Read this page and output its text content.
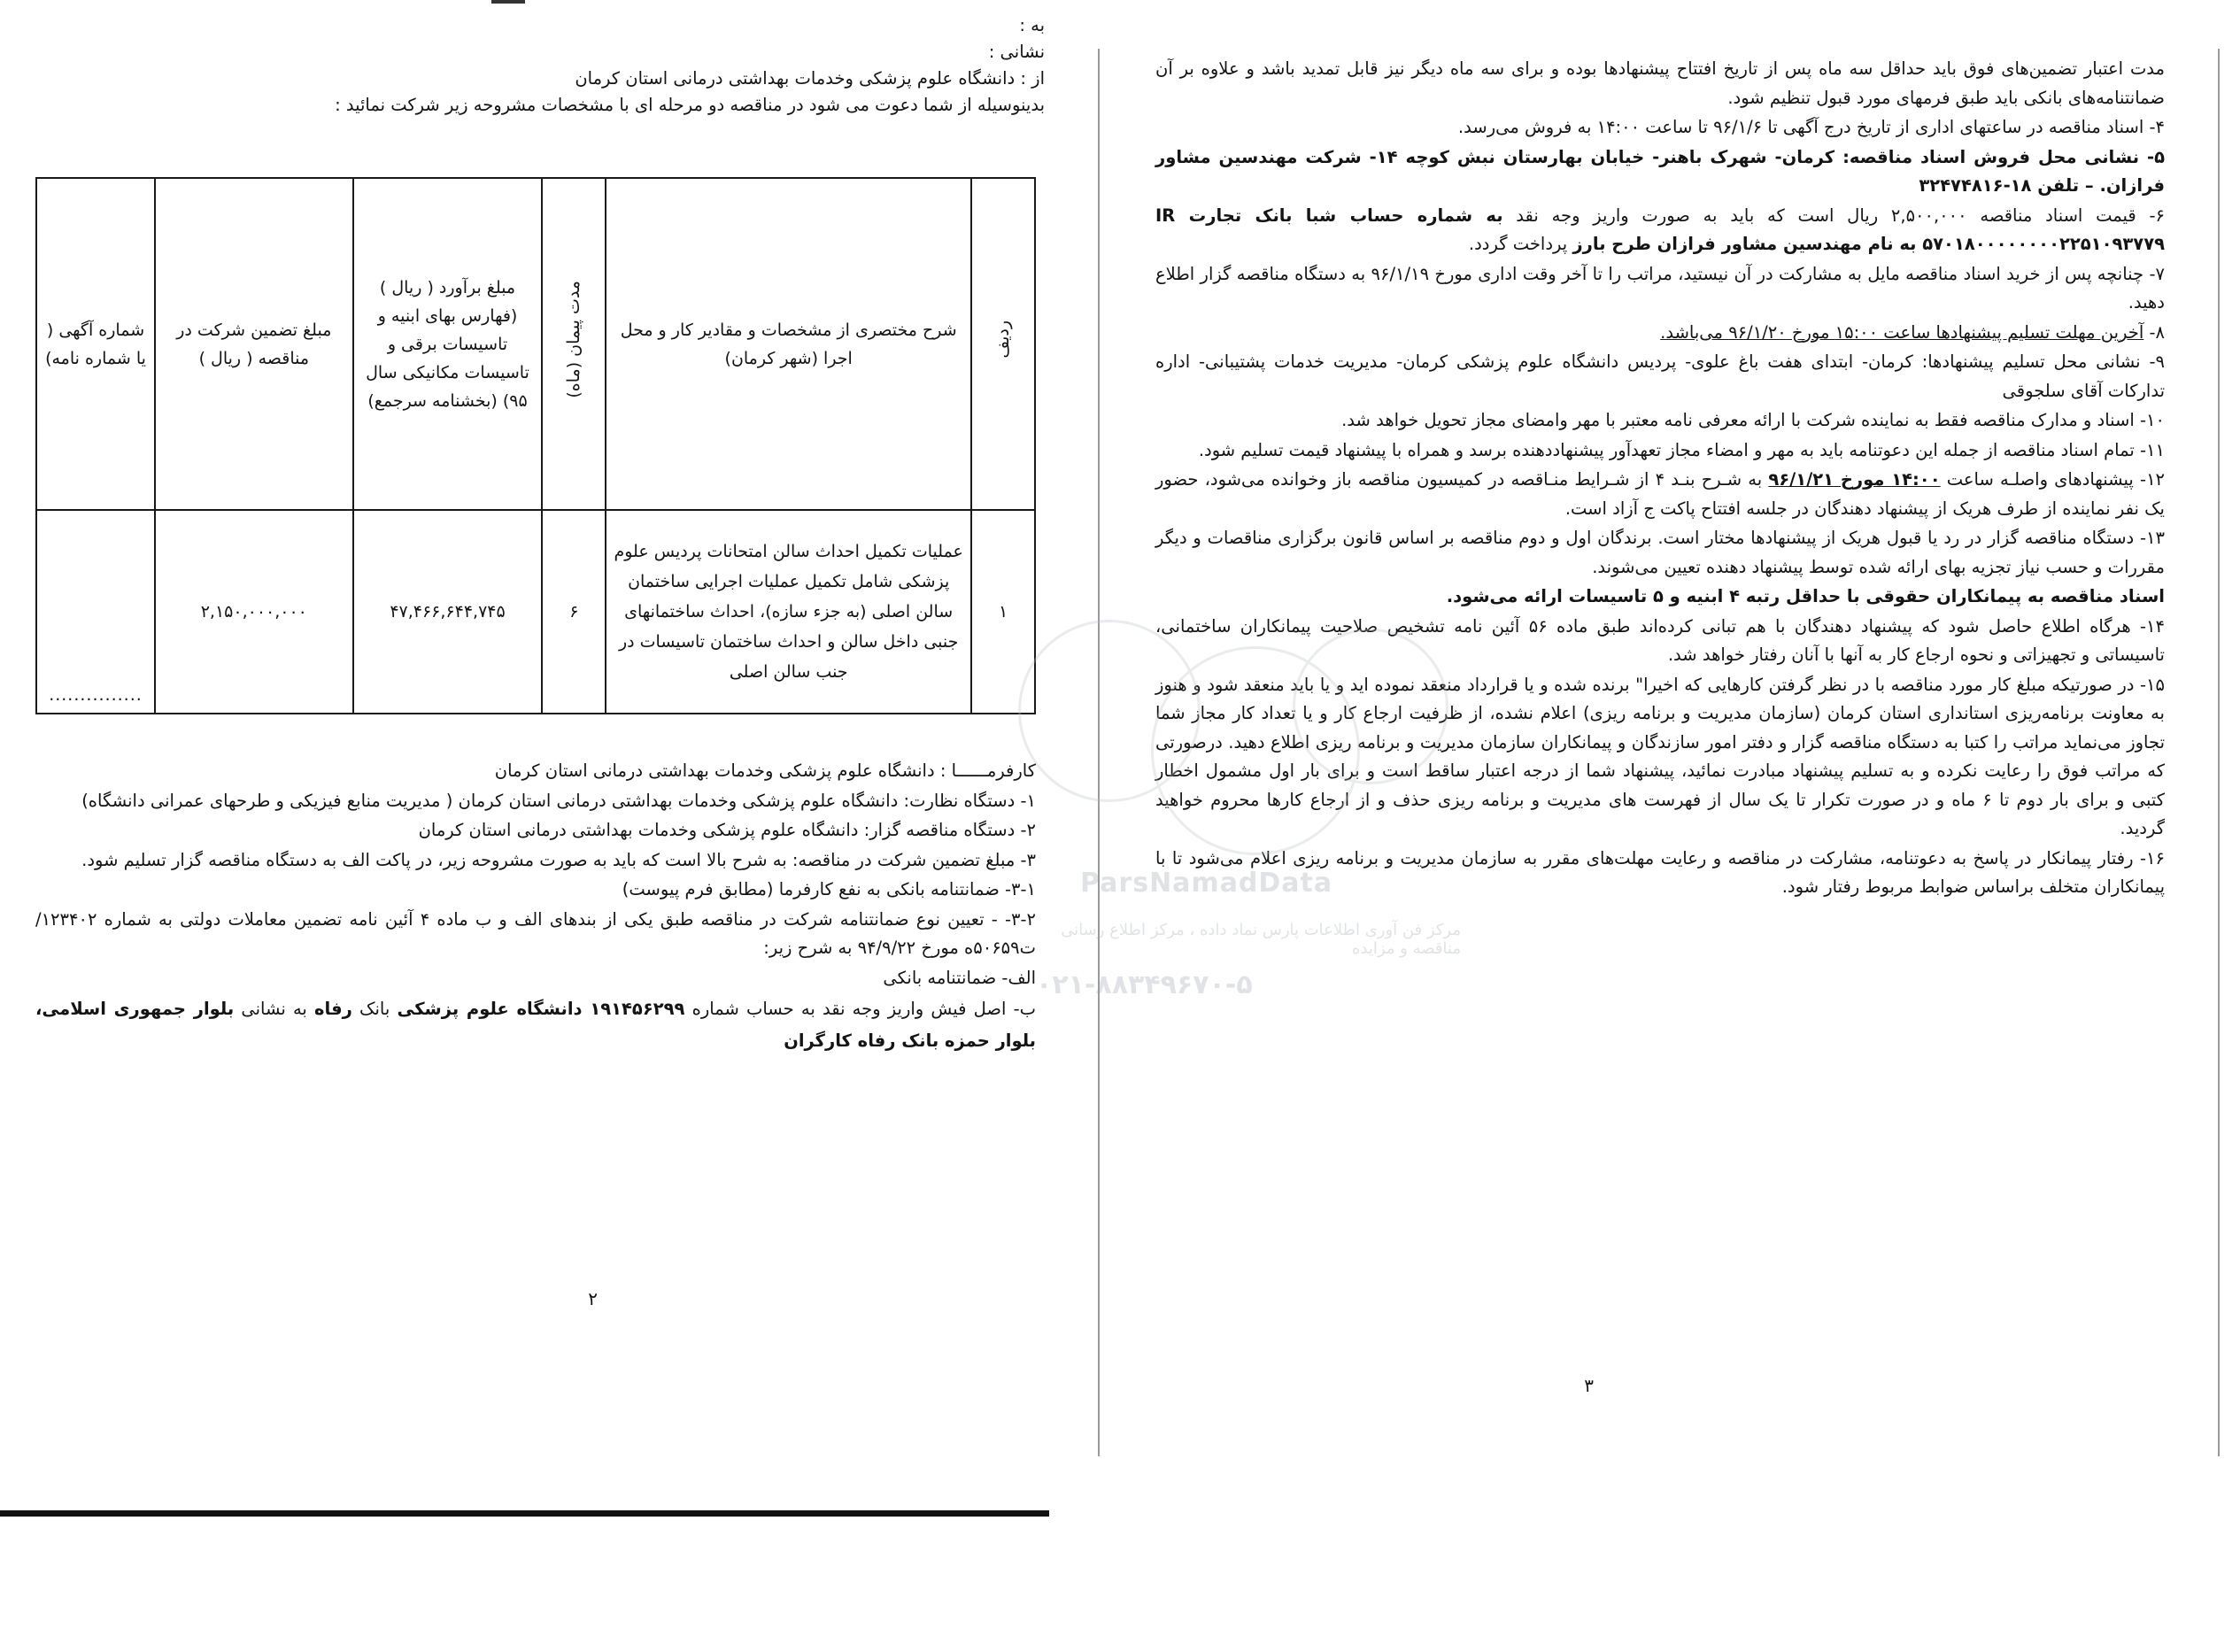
به :

نشانی :

از : دانشگاه علوم پزشکی وخدمات بهداشتی درمانی استان کرمان

بدینوسیله از شما دعوت می شود در مناقصه دو مرحله ای با مشخصات مشروحه زیر شرکت نمائید :

ردیف	شرح مختصری از مشخصات و مقادیر کار و محل اجرا (شهر کرمان)	مدت پیمان (ماه)	مبلغ برآورد ( ریال ) (فهارس بهای ابنیه و تاسیسات برقی و تاسیسات مکانیکی سال ۹۵) (بخشنامه سرجمع)	مبلغ تضمین شرکت در مناقصه ( ریال )	شماره آگهی ( یا شماره نامه)
۱	عملیات تکمیل احداث سالن امتحانات پردیس علوم پزشکی شامل تکمیل عملیات اجرایی ساختمان سالن اصلی (به جزء سازه)، احداث ساختمانهای جنبی داخل سالن و احداث ساختمان تاسیسات در جنب سالن اصلی	۶	۴۷,۴۶۶,۶۴۴,۷۴۵	۲,۱۵۰,۰۰۰,۰۰۰	...............

کارفرمــــــا : دانشگاه علوم پزشکی وخدمات بهداشتی درمانی استان کرمان

۱- دستگاه نظارت: دانشگاه علوم پزشکی وخدمات بهداشتی درمانی استان کرمان ( مدیریت منابع فیزیکی و طرحهای عمرانی دانشگاه)

۲- دستگاه مناقصه گزار: دانشگاه علوم پزشکی وخدمات بهداشتی درمانی استان کرمان

۳- مبلغ تضمین شرکت در مناقصه: به شرح بالا است که باید به صورت مشروحه زیر، در پاکت الف به دستگاه مناقصه گزار تسلیم شود.

۳-۱- ضمانتنامه بانکی به نفع کارفرما (مطابق فرم پیوست)

۳-۲- - تعیین نوع ضمانتنامه شرکت در مناقصه طبق یکی از بندهای الف و ب ماده ۴ آئین نامه تضمین معاملات دولتی به شماره ۱۲۳۴۰۲/ت۵۰۶۵۹ه مورخ ۹۴/۹/۲۲ به شرح زیر:

الف- ضمانتنامه بانکی

ب- اصل فیش واریز وجه نقد به حساب شماره ۱۹۱۴۵۶۲۹۹ دانشگاه علوم پزشکی بانک رفاه به نشانی بلوار جمهوری اسلامی، بلوار حمزه بانک رفاه کارگران

۲

مدت اعتبار تضمین‌های فوق باید حداقل سه ماه پس از تاریخ افتتاح پیشنهادها بوده و برای سه ماه دیگر نیز قابل تمدید باشد و علاوه بر آن ضمانتنامه‌های بانکی باید طبق فرمهای مورد قبول تنظیم شود.

۴- اسناد مناقصه در ساعتهای اداری از تاریخ درج آگهی تا ۹۶/۱/۶ تا ساعت ۱۴:۰۰ به فروش می‌رسد.

۵- نشانی محل فروش اسناد مناقصه: کرمان- شهرک باهنر- خیابان بهارستان نبش کوچه ۱۴- شرکت مهندسین مشاور فرازان. – تلفن ۱۸-۳۲۴۷۴۸۱۶

۶- قیمت اسناد مناقصه ۲,۵۰۰,۰۰۰ ریال است که باید به صورت واریز وجه نقد به شماره حساب شبا بانک تجارت IR ۵۷۰۱۸۰۰۰۰۰۰۰۰۲۲۵۱۰۹۳۷۷۹ به نام مهندسین مشاور فرازان طرح بارز پرداخت گردد.

۷- چنانچه پس از خرید اسناد مناقصه مایل به مشارکت در آن نیستید، مراتب را تا آخر وقت اداری مورخ ۹۶/۱/۱۹ به دستگاه مناقصه گزار اطلاع دهید.

۸- آخرین مهلت تسلیم پیشنهادها ساعت ۱۵:۰۰ مورخ ۹۶/۱/۲۰ می‌باشد.

۹- نشانی محل تسلیم پیشنهادها: کرمان- ابتدای هفت باغ علوی- پردیس دانشگاه علوم پزشکی کرمان- مدیریت خدمات پشتیبانی- اداره تدارکات آقای سلجوقی

۱۰- اسناد و مدارک مناقصه فقط به نماینده شرکت با ارائه معرفی نامه معتبر با مهر وامضای مجاز تحویل خواهد شد.

۱۱- تمام اسناد مناقصه از جمله این دعوتنامه باید به مهر و امضاء مجاز تعهدآور پیشنهاددهنده برسد و همراه با پیشنهاد قیمت تسلیم شود.

۱۲- پیشنهادهای واصلـه ساعت ۱۴:۰۰ مورخ ۹۶/۱/۲۱ به شـرح بنـد ۴ از شـرایط منـاقصه در کمیسیون مناقصه باز وخوانده می‌شود، حضور یک نفر نماینده از طرف هریک از پیشنهاد دهندگان در جلسه افتتاح پاکت ج آزاد است.

۱۳- دستگاه مناقصه گزار در رد یا قبول هریک از پیشنهادها مختار است. برندگان اول و دوم مناقصه بر اساس قانون برگزاری مناقصات و دیگر مقررات و حسب نیاز تجزیه بهای ارائه شده توسط پیشنهاد دهنده تعیین می‌شوند.

اسناد مناقصه به پیمانکاران حقوقی با حداقل رتبه ۴ ابنیه و ۵ تاسیسات ارائه می‌شود.

۱۴- هرگاه اطلاع حاصل شود که پیشنهاد دهندگان با هم تبانی کرده‌اند طبق ماده ۵۶ آئین نامه تشخیص صلاحیت پیمانکاران ساختمانی، تاسیساتی و تجهیزاتی و نحوه ارجاع کار به آنها با آنان رفتار خواهد شد.

۱۵- در صورتیکه مبلغ کار مورد مناقصه با در نظر گرفتن کارهایی که اخیرا" برنده شده و یا قرارداد منعقد نموده اید و یا باید منعقد شود و هنوز به معاونت برنامه‌ریزی استانداری استان کرمان (سازمان مدیریت و برنامه ریزی) اعلام نشده، از ظرفیت ارجاع کار و یا تعداد کار مجاز شما تجاوز می‌نماید مراتب را کتبا به دستگاه مناقصه گزار و دفتر امور سازندگان و پیمانکاران سازمان مدیریت و برنامه ریزی اطلاع دهید. درصورتی که مراتب فوق را رعایت نکرده و به تسلیم پیشنهاد مبادرت نمائید، پیشنهاد شما از درجه اعتبار ساقط است و برای بار اول مشمول اخطار کتبی و برای بار دوم تا ۶ ماه و در صورت تکرار تا یک سال از فهرست های مدیریت و برنامه ریزی حذف و از ارجاع کارها محروم خواهید گردید.

۱۶- رفتار پیمانکار در پاسخ به دعوتنامه، مشارکت در مناقصه و رعایت مهلت‌های مقرر به سازمان مدیریت و برنامه ریزی اعلام می‌شود تا با پیمانکاران متخلف براساس ضوابط مربوط رفتار شود.

۳
ParsNamadData
مرکز فن آوری اطلاعات پارس نماد داده ، مرکز اطلاع رسانی مناقصه و مزایده
۰۲۱-۸۸۳۴۹۶۷۰-۵
